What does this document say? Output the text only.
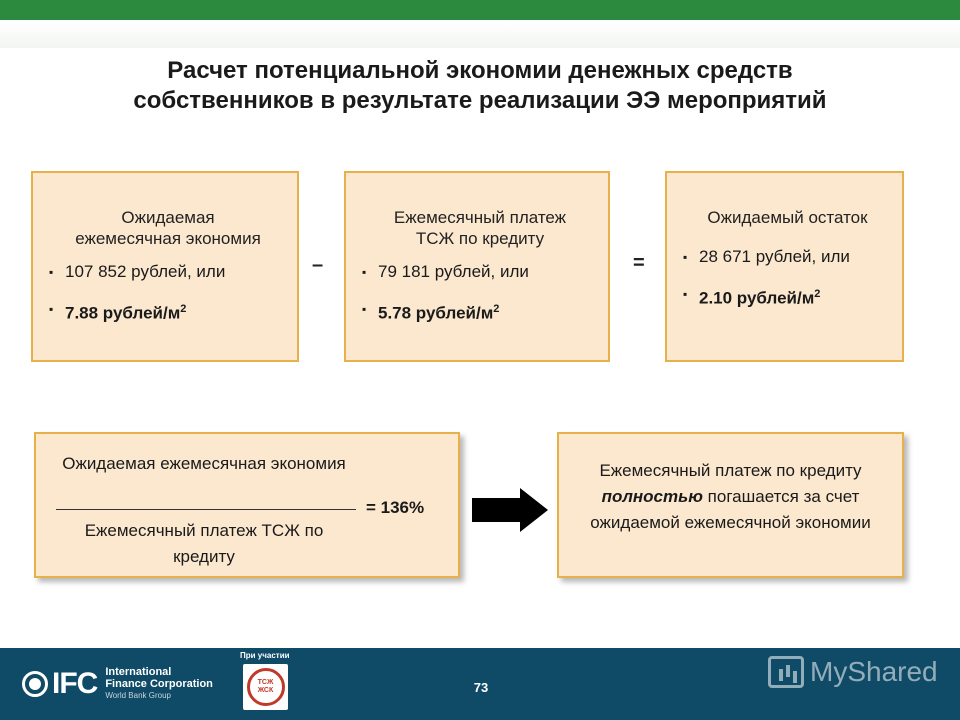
Расчет потенциальной экономии денежных средств
собственников в результате реализации ЭЭ мероприятий
Ожидаемая
ежемесячная экономия
▪ 107 852 рублей, или
▪ 7.88 рублей/$м^2$
–
Ежемесячный платеж
ТСЖ по кредиту
▪ 79 181 рублей, или
▪ 5.78 рублей/$м^2$
=
Ожидаемый остаток
▪ 28 671 рублей, или
▪ 2.10 рублей/$м^2$
Ожидаемая ежемесячная экономия
Ежемесячный платеж ТСЖ по кредиту
= 136%
Ежемесячный платеж по кредиту полностью погашается за счет ожидаемой ежемесячной экономии
IFC International
Finance Corporation
World Bank Group
При участии
ТСЖ ЖСК	73
MyShared
